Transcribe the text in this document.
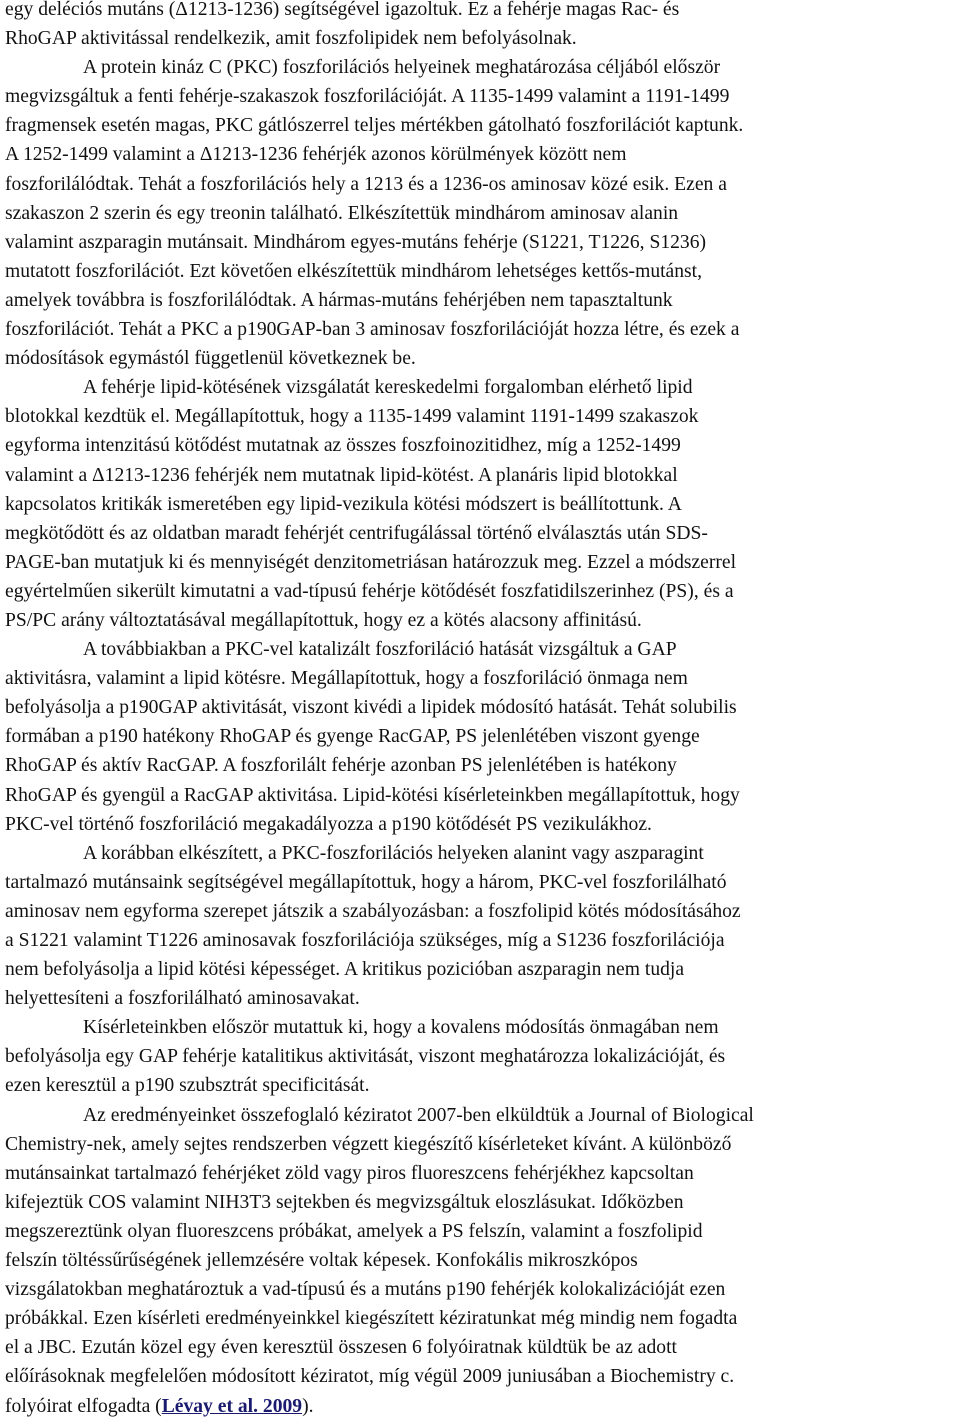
egy deléciós mutáns (Δ1213-1236) segítségével igazoltuk. Ez a fehérje magas Rac- és
RhoGAP aktivitással rendelkezik, amit foszfolipidek nem befolyásolnak.
A protein kináz C (PKC) foszforilációs helyeinek meghatározása céljából először
megvizsgáltuk a fenti fehérje-szakaszok foszforilációját. A 1135-1499 valamint a 1191-1499
fragmensek esetén magas, PKC gátlószerrel teljes mértékben gátolható foszforilációt kaptunk.
A 1252-1499 valamint a Δ1213-1236 fehérjék azonos körülmények között nem
foszforilálódtak. Tehát a foszforilációs hely a 1213 és a 1236-os aminosav közé esik. Ezen a
szakaszon 2 szerin és egy treonin található. Elkészítettük mindhárom aminosav alanin
valamint aszparagin mutánsait. Mindhárom egyes-mutáns fehérje (S1221, T1226, S1236)
mutatott foszforilációt. Ezt követően elkészítettük mindhárom lehetséges kettős-mutánst,
amelyek továbbra is foszforilálódtak. A hármas-mutáns fehérjében nem tapasztaltunk
foszforilációt. Tehát a PKC a p190GAP-ban 3 aminosav foszforilációját hozza létre, és ezek a
módosítások egymástól függetlenül következnek be.
A fehérje lipid-kötésének vizsgálatát kereskedelmi forgalomban elérhető lipid
blotokkal kezdtük el. Megállapítottuk, hogy a 1135-1499 valamint 1191-1499 szakaszok
egyforma intenzitású kötődést mutatnak az összes foszfoinozitidhez, míg a 1252-1499
valamint a Δ1213-1236 fehérjék nem mutatnak lipid-kötést. A planáris lipid blotokkal
kapcsolatos kritikák ismeretében egy lipid-vezikula kötési módszert is beállítottunk. A
megkötődött és az oldatban maradt fehérjét centrifugálással történő elválasztás után SDS-
PAGE-ban mutatjuk ki és mennyiségét denzitometriásan határozzuk meg. Ezzel a módszerrel
egyértelműen sikerült kimutatni a vad-típusú fehérje kötődését foszfatidilszerinhez (PS), és a
PS/PC arány változtatásával megállapítottuk, hogy ez a kötés alacsony affinitású.
A továbbiakban a PKC-vel katalizált foszforiláció hatását vizsgáltuk a GAP
aktivitásra, valamint a lipid kötésre. Megállapítottuk, hogy a foszforiláció önmaga nem
befolyásolja a p190GAP aktivitását, viszont kivédi a lipidek módosító hatását. Tehát solubilis
formában a p190 hatékony RhoGAP és gyenge RacGAP, PS jelenlétében viszont gyenge
RhoGAP és aktív RacGAP. A foszforilált fehérje azonban PS jelenlétében is hatékony
RhoGAP és gyengül a RacGAP aktivitása. Lipid-kötési kísérleteinkben megállapítottuk, hogy
PKC-vel történő foszforiláció megakadályozza a p190 kötődését PS vezikulákhoz.
A korábban elkészített, a PKC-foszforilációs helyeken alanint vagy aszparagint
tartalmazó mutánsaink segítségével megállapítottuk, hogy a három, PKC-vel foszforilálható
aminosav nem egyforma szerepet játszik a szabályozásban: a foszfolipid kötés módosításához
a S1221 valamint T1226 aminosavak foszforilációja szükséges, míg a S1236 foszforilációja
nem befolyásolja a lipid kötési képességet. A kritikus pozicióban aszparagin nem tudja
helyettesíteni a foszforilálható aminosavakat.
Kísérleteinkben először mutattuk ki, hogy a kovalens módosítás önmagában nem
befolyásolja egy GAP fehérje katalitikus aktivitását, viszont meghatározza lokalizációját, és
ezen keresztül a p190 szubsztrát specificitását.
Az eredményeinket összefoglaló kéziratot 2007-ben elküldtük a Journal of Biological
Chemistry-nek, amely sejtes rendszerben végzett kiegészítő kísérleteket kívánt. A különböző
mutánsainkat tartalmazó fehérjéket zöld vagy piros fluoreszcens fehérjékhez kapcsoltan
kifejeztük COS valamint NIH3T3 sejtekben és megvizsgáltuk eloszlásukat. Időközben
megszereztünk olyan fluoreszcens próbákat, amelyek a PS felszín, valamint a foszfolipid
felszín töltéssűrűségének jellemzésére voltak képesek. Konfokális mikroszkópos
vizsgálatokban meghatároztuk a vad-típusú és a mutáns p190 fehérjék kolokalizációját ezen
próbákkal. Ezen kísérleti eredményeinkkel kiegészített kéziratunkat még mindig nem fogadta
el a JBC. Ezután közel egy éven keresztül összesen 6 folyóiratnak küldtük be az adott
előírásoknak megfelelően módosított kéziratot, míg végül 2009 juniusában a Biochemistry c.
folyóirat elfogadta (Lévay et al. 2009).
